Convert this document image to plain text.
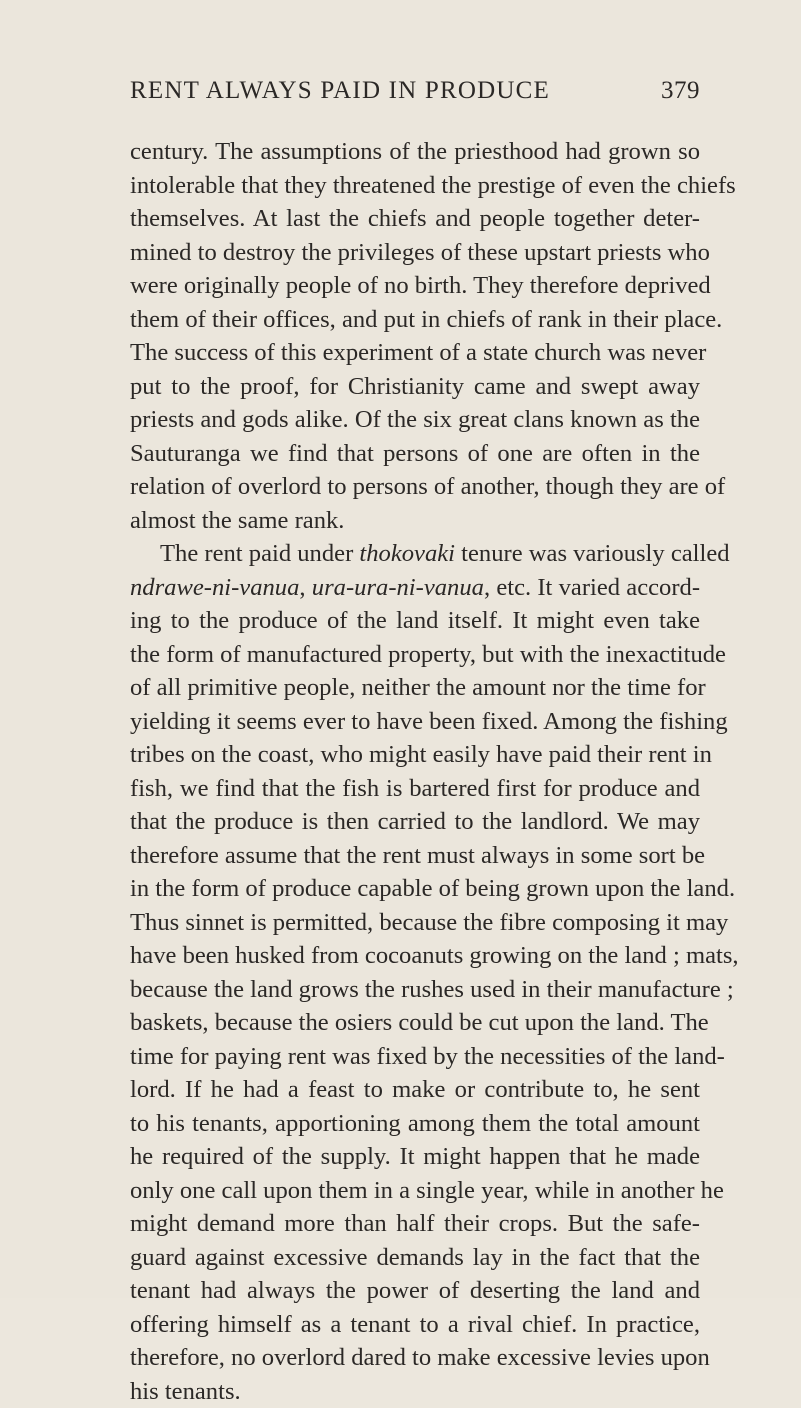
RENT ALWAYS PAID IN PRODUCE	379
century. The assumptions of the priesthood had grown so
intolerable that they threatened the prestige of even the chiefs
themselves. At last the chiefs and people together deter-
mined to destroy the privileges of these upstart priests who
were originally people of no birth. They therefore deprived
them of their offices, and put in chiefs of rank in their place.
The success of this experiment of a state church was never
put to the proof, for Christianity came and swept away
priests and gods alike. Of the six great clans known as the
Sauturanga we find that persons of one are often in the
relation of overlord to persons of another, though they are of
almost the same rank.
The rent paid under thokovaki tenure was variously called
ndrawe-ni-vanua, ura-ura-ni-vanua, etc. It varied accord-
ing to the produce of the land itself. It might even take
the form of manufactured property, but with the inexactitude
of all primitive people, neither the amount nor the time for
yielding it seems ever to have been fixed. Among the fishing
tribes on the coast, who might easily have paid their rent in
fish, we find that the fish is bartered first for produce and
that the produce is then carried to the landlord. We may
therefore assume that the rent must always in some sort be
in the form of produce capable of being grown upon the land.
Thus sinnet is permitted, because the fibre composing it may
have been husked from cocoanuts growing on the land ; mats,
because the land grows the rushes used in their manufacture ;
baskets, because the osiers could be cut upon the land. The
time for paying rent was fixed by the necessities of the land-
lord. If he had a feast to make or contribute to, he sent
to his tenants, apportioning among them the total amount
he required of the supply. It might happen that he made
only one call upon them in a single year, while in another he
might demand more than half their crops. But the safe-
guard against excessive demands lay in the fact that the
tenant had always the power of deserting the land and
offering himself as a tenant to a rival chief. In practice,
therefore, no overlord dared to make excessive levies upon
his tenants.
